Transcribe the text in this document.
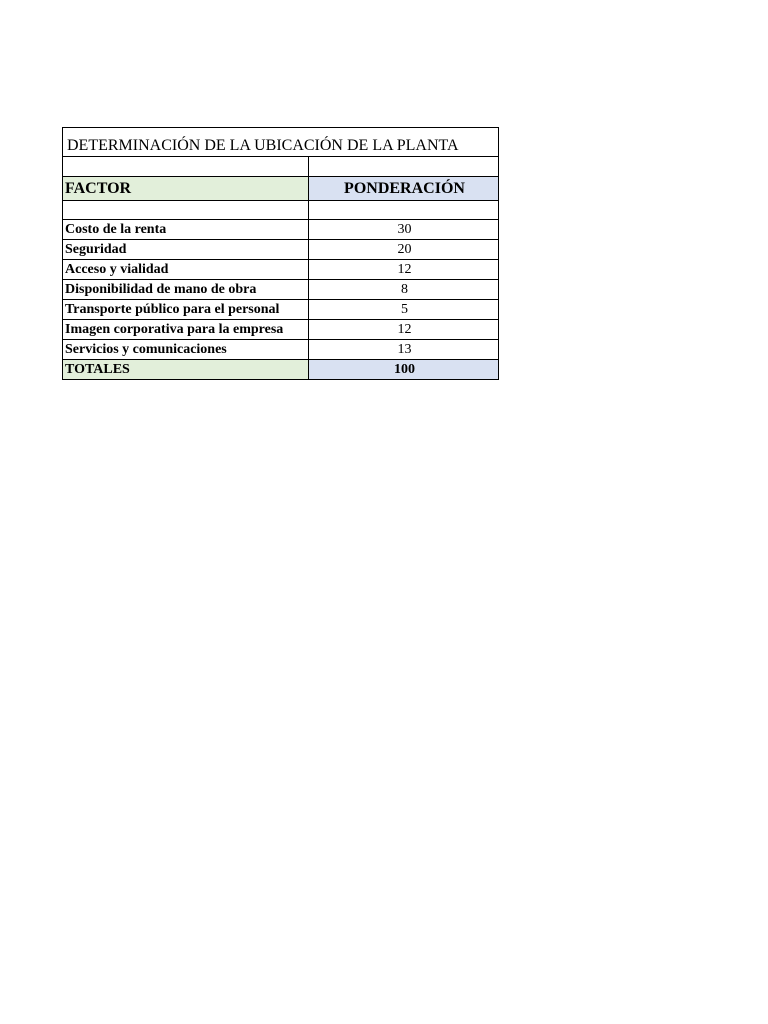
DETERMINACIÓN DE LA UBICACIÓN DE LA PLANTA	

FACTOR	PONDERACIÓN

Costo de la renta	30
Seguridad	20
Acceso y vialidad	12
Disponibilidad de mano de obra	8
Transporte público para el personal	5
Imagen corporativa para la empresa	12
Servicios y comunicaciones	13
TOTALES	100
